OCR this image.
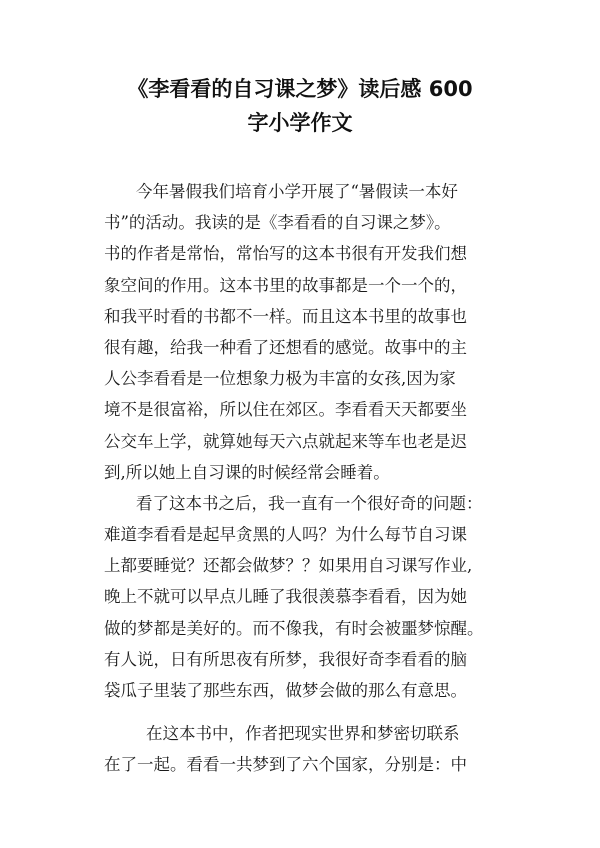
《李看看的自习课之梦》读后感 600
字小学作文
今年暑假我们培育小学开展了“暑假读一本好
书”的活动。我读的是《李看看的自习课之梦》。
书的作者是常怡，常怡写的这本书很有开发我们想
象空间的作用。这本书里的故事都是一个一个的，
和我平时看的书都不一样。而且这本书里的故事也
很有趣，给我一种看了还想看的感觉。故事中的主
人公李看看是一位想象力极为丰富的女孩,因为家
境不是很富裕，所以住在郊区。李看看天天都要坐
公交车上学，就算她每天六点就起来等车也老是迟
到,所以她上自习课的时候经常会睡着。
看了这本书之后，我一直有一个很好奇的问题：
难道李看看是起早贪黑的人吗？为什么每节自习课
上都要睡觉？还都会做梦？？如果用自习课写作业,
晚上不就可以早点儿睡了我很羡慕李看看，因为她
做的梦都是美好的。而不像我，有时会被噩梦惊醒。
有人说，日有所思夜有所梦，我很好奇李看看的脑
袋瓜子里装了那些东西，做梦会做的那么有意思。
在这本书中，作者把现实世界和梦密切联系
在了一起。看看一共梦到了六个国家，分别是：中
